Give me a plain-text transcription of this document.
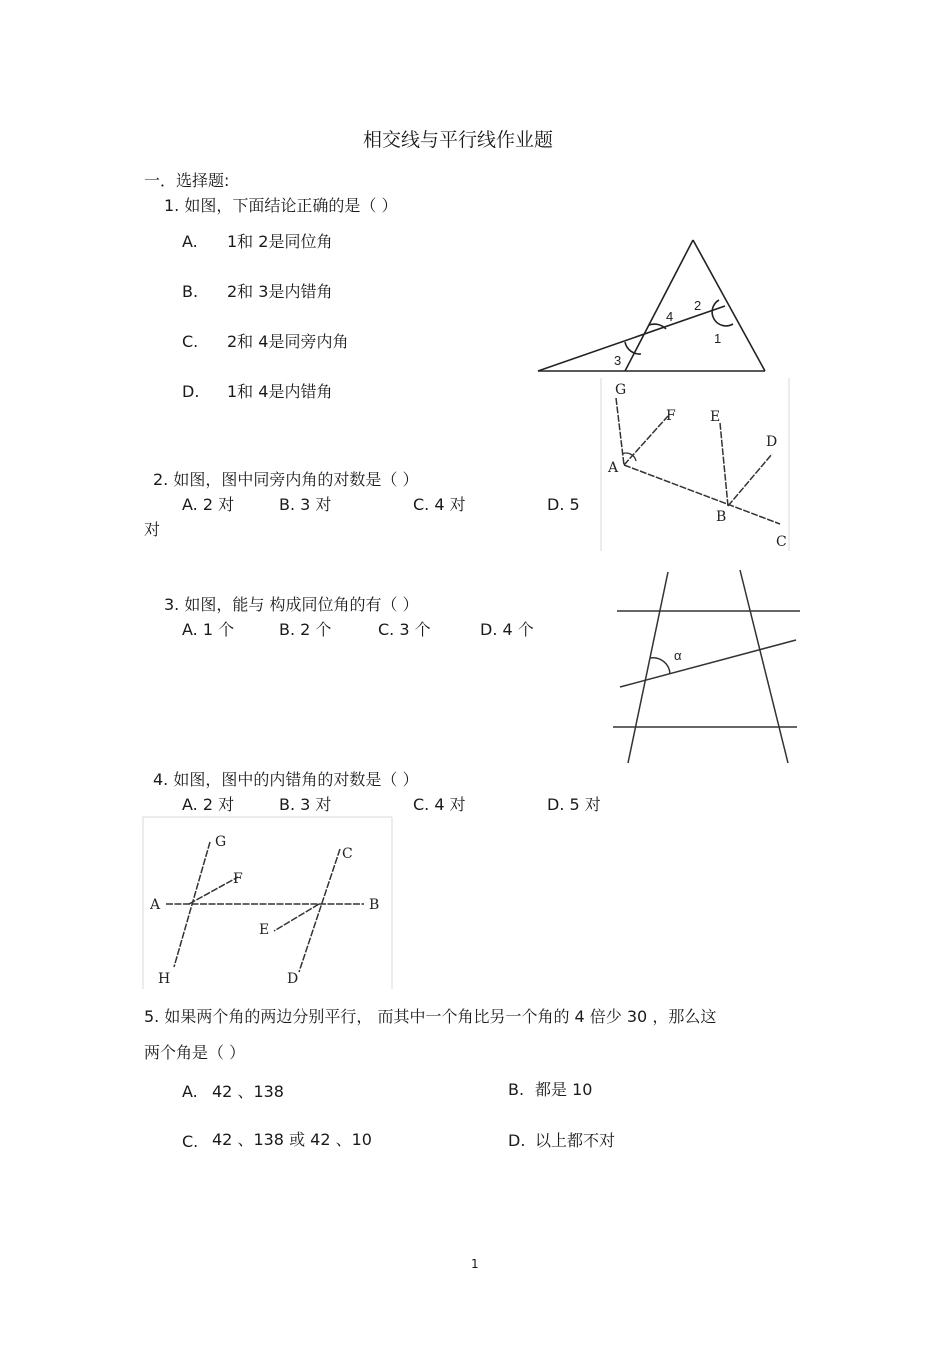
相交线与平行线作业题
一．选择题:
1. 如图，下面结论正确的是（ ）
A. 1和 2是同位角
B. 2和 3是内错角
C. 2和 4是同旁内角
D. 1和 4是内错角
1
2
3
4
2. 如图，图中同旁内角的对数是（ ）
A. 2 对	B. 3 对	C. 4 对	D. 5
对
G
F E
D
A
B
C
3. 如图，能与 构成同位角的有（ ）
A. 1 个	B. 2 个	C. 3 个	D. 4 个
α
4. 如图，图中的内错角的对数是（ ）
A. 2 对	B. 3 对	C. 4 对	D. 5 对
G
F
A
H
C
B
E
D
5. 如果两个角的两边分别平行， 而其中一个角比另一个角的 4 倍少 30 ，那么这
两个角是（ ）
A. 42 、138	B. 都是 10
C. 42 、138 或 42 、10	D. 以上都不对
1
